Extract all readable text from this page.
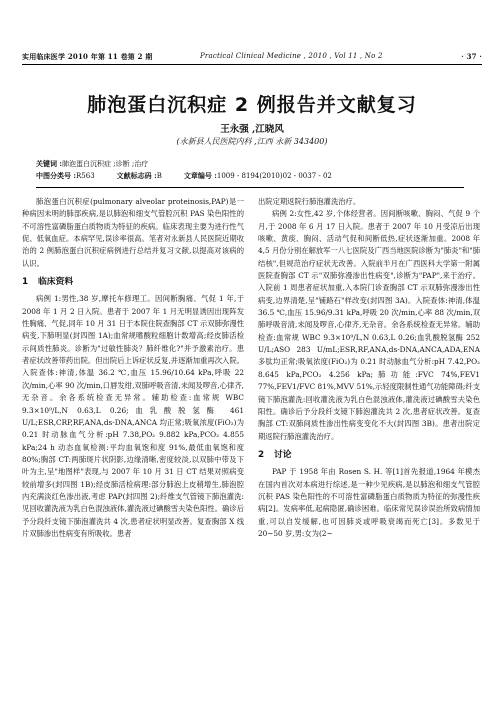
实用临床医学 2010 年第 11 卷第 2 期	Practical Clinical Medicine , 2010 , Vol 11 , No 2	· 37 ·
肺泡蛋白沉积症 2 例报告并文献复习
王永强 ,江晓风
(永新县人民医院内科 ,江西 永新 343400)
关键词 :肺泡蛋白沉积症 ;诊断 ;治疗
中图分类号 :R563	文献标志码 :B	文章编号 :1009 - 8194(2010)02 - 0037 - 02

肺泡蛋白沉积症(pulmonary alveolar proteinosis,PAP)是一种病因未明的肺部疾病,是以肺泡和细支气管腔沉积 PAS 染色阳性的不可溶性富磷脂蛋白质物质为特征的疾病。临床表现主要为进行性气促、低氧血症。本病罕见,误诊率很高。笔者对永新县人民医院近期收治的 2 例肺泡蛋白沉积症病例进行总结并复习文献,以提高对该病的认识。

1 临床资料

病例 1:男性,38 岁,摩托车修理工。因间断胸痛、气促 1 年,于 2008 年 1 月 2 日入院。患者于 2007 年 1 月无明显诱因出现阵发性胸痛、气促,同年 10 月 31 日于本院住院查胸部 CT 示双肺弥漫性病变,下肺明显(封四图 1A);血常规嗜酸粒细胞计数增高;经皮肺活检示间质性肺炎。诊断为"过敏性肺炎？肺纤维化?"并予激素治疗。患者症状改善带药出院。但出院后上诉症状反复,并逐渐加重再次入院。入院查体:神清,体温 36.2 ℃,血压 15.96/10.64 kPa,呼吸 22 次/min,心率 90 次/min,口唇发绀,双肺呼吸音清,未闻及啰音,心律齐,无杂音。余各系统检查无异常。辅助检查:血常规 WBC 9.3×10⁹/L,N 0.63,L 0.26;血乳酸脱氢酶 461 U/L;ESR,CRP,RF,ANA,ds-DNA,ANCA 均正常;吸氧浓度(FiO₂)为 0.21 时动脉血气分析:pH 7.38,PO₂ 9.882 kPa,PCO₂ 4.855 kPa;24 h 动态血氧检测:平均血氧饱和度 91%,最低血氧饱和度 80%;胸部 CT:两肺斑片状阴影,边缘清晰,密度较淡,以双肺中带及下叶为主,呈"地图样"表现,与 2007 年 10 月 31 日 CT 结果对照病变较前增多(封四图 1B);经皮肺活检病理:部分肺泡上皮稍增生,肺泡腔内充满淡红色渗出液,考虑 PAP(封四图 2);纤维支气管镜下肺泡灌洗:见回收灌洗液为乳白色混浊液体,灌洗液过碘酸雪夫染色阳性。确诊后予分段纤支镜下肺泡灌洗共 4 次,患者症状明显改善。复查胸部 X 线片双肺渗出性病变有所吸收。患者

出院定期返院行肺泡灌洗治疗。

病例 2:女性,42 岁,个体经营者。因间断咳嗽、胸闷、气促 9 个月,于 2008 年 6 月 17 日入院。患者于 2007 年 10 月受凉后出现咳嗽、黄痰、胸闷、活动气促和间断低热,症状逐渐加重。2008 年 4,5 月份分别在解放军一八七医院及广西当地医院诊断为"肺炎"和"肺结核",但规范治疗症状无改善。入院前半月在广西医科大学第一附属医院查胸部 CT 示"双肺弥漫渗出性病变",诊断为"PAP",来于治疗。入院前 1 周患者症状加重,入本院门诊查胸部 CT 示双肺弥漫渗出性病变,边界清楚,呈"铺路石"样改变(封四图 3A)。入院查体:神清,体温 36.5 ℃,血压 15.96/9.31 kPa,呼吸 20 次/min,心率 88 次/min,双肺呼吸音清,未闻及啰音,心律齐,无杂音。余各系统检查无异常。辅助检查:血常规 WBC 9.3×10⁹/L,N 0.63,L 0.26;血乳酸脱氢酶 252 U/L;ASO 283 U/mL;ESR,RF,ANA,ds-DNA,ANCA,ADA,ENA 多肽均正常;吸氧浓度(FiO₂)为 0.21 时动脉血气分析:pH 7.42,PO₂ 8.645 kPa,PCO₂ 4.256 kPa;肺功能:FVC 74%,FEV1 77%,FEV1/FVC 81%,MVV 51%,示轻度限制性通气功能障碍;纤支镜下肺泡灌洗:回收灌洗液为乳白色混浊液体,灌洗液过碘酸雪夫染色阳性。确诊后予分段纤支镜下肺泡灌洗共 2 次,患者症状改善。复查胸部 CT:双肺间质性渗出性病变变化不大(封四图 3B)。患者出院定期返院行肺泡灌洗治疗。

2 讨论

PAP 于 1958 年由 Rosen S. H. 等[1]首先报道,1964 年模杰在国内首次对本病进行综述,是一种少见疾病,是以肺泡和细支气管腔沉积 PAS 染色阳性的不可溶性富磷脂蛋白质物质为特征的弥漫性疾病[2]。发病率低,起病隐匿,确诊困难。临床常见误诊误治所致病情加重,可以自发缓解,也可因肺炎或呼吸衰竭而死亡[3]。多数见于 20~50 岁,男:女为(2~
